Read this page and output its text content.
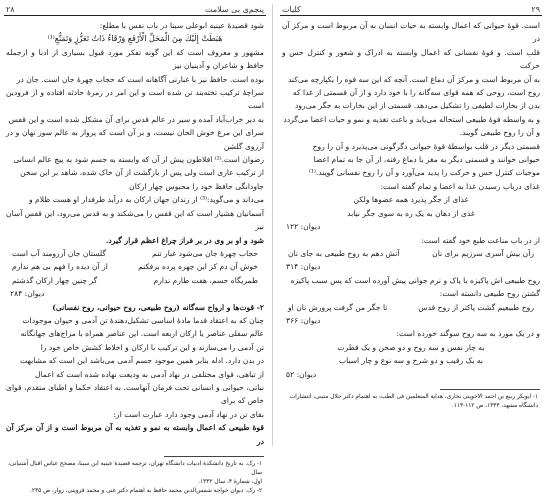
پنجم‌ی بی سلامت
۲۸

شود قصیدهٔ عینیه ابوعلی سینا در باب نفس با مطلع:

هَبَطَتْ إِلَيْكَ مِنَ الْمَحَلِّ الْأَرْفَعِ وَرْقَاءُ ذَاتُ تَعَزُّزٍ وَتَمَنُّعِ⁽¹⁾

مشهور و معروف است که این گونه تفکر مورد قبول بسیاری از ادبا و ازجمله حافظ و شاعران و آدینیان نیز

بوده است. حافظ نیز با غبارتی آگاهانه است که حجاب چهرهٔ جان است. جان در

سراچهٔ ترکیب تخته‌بند تن شده است و این امر در زمرهٔ حادثه افتاده و از فرودین است

به دیر خراب‌آباد آمده و سیر در عالم قدس برای آن مشکل شده است و این قفس

سزای این مرغ خوش الحان نیست، و بر آن است که پرواز به عالم سوز نهان و در آرزوی گلشن

رضوان است.⁽²⁾ افلاطون پیش از آن که وابسته به جسم شود به پیچ عالم انسانی

از ترکیب عاری است ولی پس از بازگشت از آن خاک شده، شاهد بر این سخن

جاودانگی حافظ خود را محبوس چهار ارکان

می‌داند و می‌گوید:⁽³⁾ از زندان جهان ارکان به درآید طرفدار او هست ظلام و

آسمانیان هشیار است که این قفس را می‌شکند و به قدس می‌رود، این قفس آسان نیز

شود و او بر وی در بر فراز چراغ اعظم قرار گیرد.

حجاب چهرهٔ جان می‌شود غبار تنم
گلستان جان آرزومند آب است
خوش آن دم کز این چهره پرده برفکنم
از آن دیده را فهم بی هم ندارم
طمریگاه جسم، هفت طارم ندارم
گر چنین چهار ارکان گذشتم

دیوان: ۲۸۴

۲- قوت‌ها و ارواح سه‌گانه (روح طبیعی، روح حیوانی، روح نفسانی)

چنان که به اعتقاد قدما مادهٔ اساسی تشکیل‌دهندهٔ تن آدمی و حیوان موجودات

عالم سفلی عناصر یا ارکان اربعه است. این عناصر همراه با مزاج‌های جهانگانه

تن آدمی را می‌سازند و این ترکیب با ارکان و اخلاط کشش خاص خود را

در بدن دارد. ادله بنابر همین موجود جسم آدمی می‌باشد این است که مشابهت

از تباهی، قوای مختلفی در نهاد آدمی به ودیعت نهاده شده است که اعمال

نباتی، حیوانی و انسانی تحت فرمان آنهاست. به اعتقاد حکما و اطبای متقدم، قوای خاص که برای

بقای تن در نهاد آدمی وجود دارد عبارت است از:

قوۀ طبیعی که اعمال وابسته به نمو و تغذیه به آن مربوط است و از آن مرکز آن در

۱- رک. به تاریخ دانشکدهٔ ادبیات دانشگاه تهران، ترجمه قصیدهٔ عینیه ابن سینا، مصحح عباس اقبال آشتیانی، سال

اول، شمارهٔ ۴، سال ۱۳۳۲.

۲- رک. دیوان خواجه شمس‌الدین محمد حافظ به اهتمام دکتر غنی و محمد قزوینی، زوار، ص ۲۳۵.

۲۹
کلیات

است. قوۀ حیوانی که اعمال وابسته به حیات انسان به آن مربوط است و مرکز آن در

قلب است. و قوۀ نفسانی که اعمال وابسته به ادراک و شعور و کنترل حس و حرکت

به آن مربوط است و مرکز آن دماغ است. آنچه که این سه قوه را یکپارچه می‌کند

روح است، روحی که همه قوای سه‌گانه را با خود دارد و از آن قسمتی از غذا که

بدن از بخارات لطیفی را تشکیل می‌دهد. قسمتی از این بخارات به جگر می‌رود

و به واسطه قوۀ طبیعی استحاله می‌یابد و باعث تغذیه و نمو و حیات اعضا می‌گردد

و آن را روح طبیعی گویند.

قسمتی دیگر در قلب بواسطهٔ قوۀ حیوانی دگرگونی می‌پذیرد و آن را روح

حیوانی خوانند و قسمتی دیگر به مغز یا دماغ رفته، از آن جا به تمام اعضا

موجبات کنترل حس و حرکت را پدید می‌آورد و آن را روح نفسانی گویند.⁽¹⁾

غذای درباب رسیدن غذا به اعضا و تمام گفته است:

غذای از جگر پذیرد همه عضوها ولکن

غذی از دهان به یک ره به سوی جگر نیابد

دیوان: ۱۲۲

از در باب مناعت طبع خود گفته است:

زآن بیش آسری سرزیم برای نان
آتش دهم به روح طبیعی به جای نان

دیوان: ۳۱۴

روح طبیعی اش پاکیزه با پاک و نرم جوانی پیش آورده است که پس سبب پاکیزه

گشتن روح طبیعی دانسته است:

روح طبیعیم گشت پاکتر از روح قدس
تا جگر من گرفت پرورش نان او

دیوان: ۳۶۶

و در یک مورد به سه روح سوگند خورده است:

به چار نفس و سه روح و دو صحن و یک قطرت

به یک رقیب و دو شرح و سه نوع و چار اسباب

دیوان: ۵۲

۱- ابوبکر ربیع بن احمد الاخوینی بخاری، هدایة المتعلمین فی الطب، به اهتمام دکتر جلال متینی، انتشارات

دانشگاه مشهد، ۱۳۴۴، ص ۱۱۲-۱۱۳.
